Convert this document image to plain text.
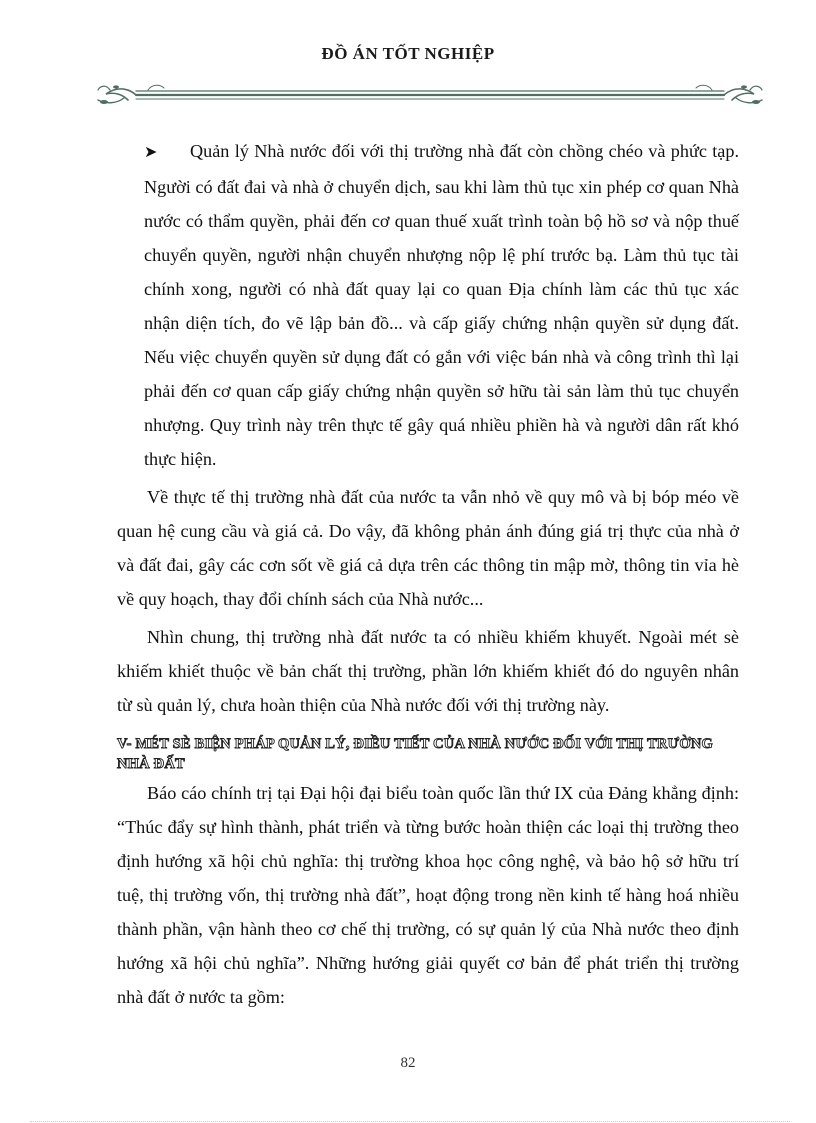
ĐỒ ÁN TỐT NGHIỆP

➤ Quản lý Nhà nước đối với thị trường nhà đất còn chồng chéo và phức tạp. Người có đất đai và nhà ở chuyển dịch, sau khi làm thủ tục xin phép cơ quan Nhà nước có thẩm quyền, phải đến cơ quan thuế xuất trình toàn bộ hồ sơ và nộp thuế chuyển quyền, người nhận chuyển nhượng nộp lệ phí trước bạ. Làm thủ tục tài chính xong, người có nhà đất quay lại co quan Địa chính làm các thủ tục xác nhận diện tích, đo vẽ lập bản đồ... và cấp giấy chứng nhận quyền sử dụng đất. Nếu việc chuyển quyền sử dụng đất có gắn với việc bán nhà và công trình thì lại phải đến cơ quan cấp giấy chứng nhận quyền sở hữu tài sản làm thủ tục chuyển nhượng. Quy trình này trên thực tế gây quá nhiều phiền hà và người dân rất khó thực hiện.

Về thực tế thị trường nhà đất của nước ta vẫn nhỏ về quy mô và bị bóp méo về quan hệ cung cầu và giá cả. Do vậy, đã không phản ánh đúng giá trị thực của nhà ở và đất đai, gây các cơn sốt về giá cả dựa trên các thông tin mập mờ, thông tin vỉa hè về quy hoạch, thay đổi chính sách của Nhà nước...

Nhìn chung, thị trường nhà đất nước ta có nhiều khiếm khuyết. Ngoài mét sè khiếm khiết thuộc về bản chất thị trường, phần lớn khiếm khiết đó do nguyên nhân từ sù quản lý, chưa hoàn thiện của Nhà nước đối với thị trường này.

V- MÉT SÈ BIỆN PHÁP QUẢN LÝ, ĐIỀU TIẾT CỦA NHÀ NƯỚC ĐỐI VỚI THỊ TRƯỜNG NHÀ ĐẤT

Báo cáo chính trị tại Đại hội đại biểu toàn quốc lần thứ IX của Đảng khẳng định: “Thúc đẩy sự hình thành, phát triển và từng bước hoàn thiện các loại thị trường theo định hướng xã hội chủ nghĩa: thị trường khoa học công nghệ, và bảo hộ sở hữu trí tuệ, thị trường vốn, thị trường nhà đất”, hoạt động trong nền kinh tế hàng hoá nhiều thành phần, vận hành theo cơ chế thị trường, có sự quản lý của Nhà nước theo định hướng xã hội chủ nghĩa”. Những hướng giải quyết cơ bản để phát triển thị trường nhà đất ở nước ta gồm:

82
